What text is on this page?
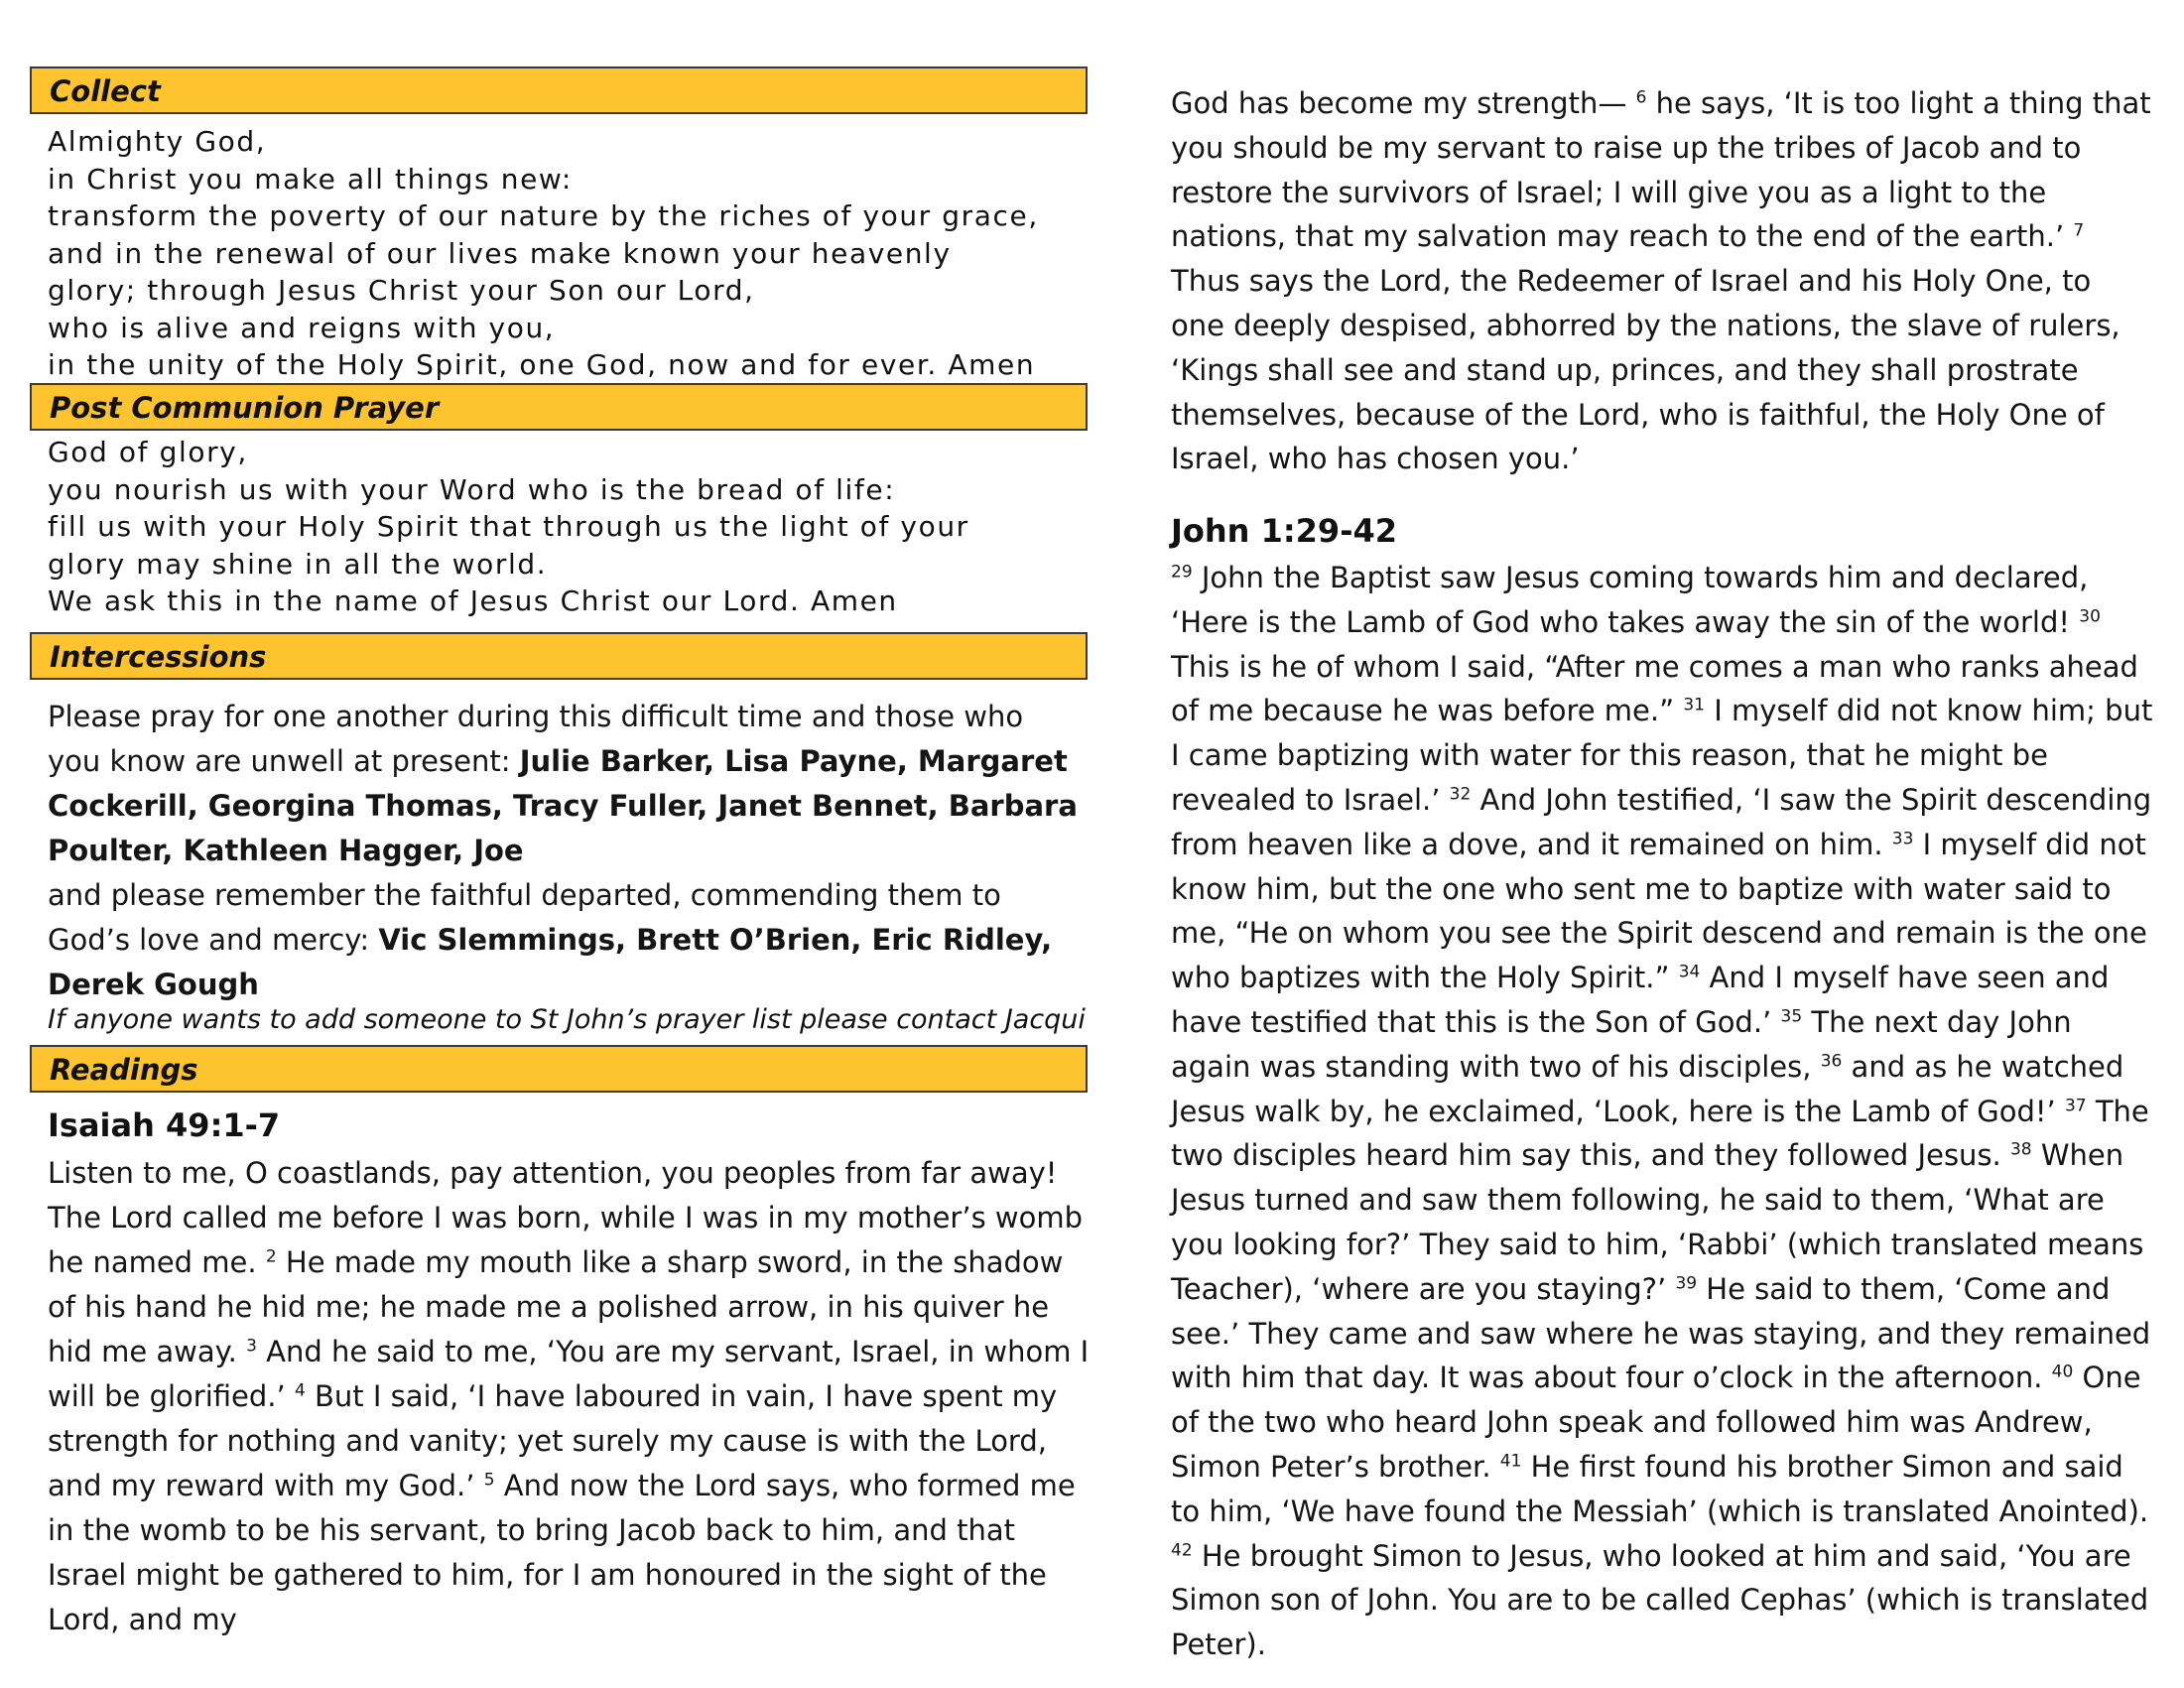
Collect
Almighty God,
in Christ you make all things new:
transform the poverty of our nature by the riches of your grace,
and in the renewal of our lives make known your heavenly
glory; through Jesus Christ your Son our Lord,
who is alive and reigns with you,
in the unity of the Holy Spirit, one God, now and for ever. Amen
Post Communion Prayer
God of glory,
you nourish us with your Word who is the bread of life:
fill us with your Holy Spirit that through us the light of your
glory may shine in all the world.
We ask this in the name of Jesus Christ our Lord. Amen
Intercessions
Please pray for one another during this difficult time and those who you know are unwell at present: Julie Barker, Lisa Payne, Margaret Cockerill, Georgina Thomas, Tracy Fuller, Janet Bennet, Barbara Poulter, Kathleen Hagger, Joe
and please remember the faithful departed, commending them to God’s love and mercy: Vic Slemmings, Brett O’Brien, Eric Ridley, Derek Gough
If anyone wants to add someone to St John’s prayer list please contact Jacqui
Readings
Isaiah 49:1-7
Listen to me, O coastlands, pay attention, you peoples from far away! The Lord called me before I was born, while I was in my mother’s womb he named me. $^2$ He made my mouth like a sharp sword, in the shadow of his hand he hid me; he made me a polished arrow, in his quiver he hid me away. $^3$ And he said to me, ‘You are my servant, Israel, in whom I will be glorified.’ $^4$ But I said, ‘I have laboured in vain, I have spent my strength for nothing and vanity; yet surely my cause is with the Lord, and my reward with my God.’ $^5$ And now the Lord says, who formed me in the womb to be his servant, to bring Jacob back to him, and that Israel might be gathered to him, for I am honoured in the sight of the Lord, and my
God has become my strength— $^6$ he says, ‘It is too light a thing that you should be my servant to raise up the tribes of Jacob and to restore the survivors of Israel; I will give you as a light to the nations, that my salvation may reach to the end of the earth.’ $^7$ Thus says the Lord, the Redeemer of Israel and his Holy One, to one deeply despised, abhorred by the nations, the slave of rulers, ‘Kings shall see and stand up, princes, and they shall prostrate themselves, because of the Lord, who is faithful, the Holy One of Israel, who has chosen you.’
John 1:29-42
$^{29}$ John the Baptist saw Jesus coming towards him and declared, ‘Here is the Lamb of God who takes away the sin of the world! $^{30}$ This is he of whom I said, “After me comes a man who ranks ahead of me because he was before me.” $^{31}$ I myself did not know him; but I came baptizing with water for this reason, that he might be revealed to Israel.’ $^{32}$ And John testified, ‘I saw the Spirit descending from heaven like a dove, and it remained on him. $^{33}$ I myself did not know him, but the one who sent me to baptize with water said to me, “He on whom you see the Spirit descend and remain is the one who baptizes with the Holy Spirit.” $^{34}$ And I myself have seen and have testified that this is the Son of God.’ $^{35}$ The next day John again was standing with two of his disciples, $^{36}$ and as he watched Jesus walk by, he exclaimed, ‘Look, here is the Lamb of God!’ $^{37}$ The two disciples heard him say this, and they followed Jesus. $^{38}$ When Jesus turned and saw them following, he said to them, ‘What are you looking for?’ They said to him, ‘Rabbi’ (which translated means Teacher), ‘where are you staying?’ $^{39}$ He said to them, ‘Come and see.’ They came and saw where he was staying, and they remained with him that day. It was about four o’clock in the afternoon. $^{40}$ One of the two who heard John speak and followed him was Andrew, Simon Peter’s brother. $^{41}$ He first found his brother Simon and said to him, ‘We have found the Messiah’ (which is translated Anointed). $^{42}$ He brought Simon to Jesus, who looked at him and said, ‘You are Simon son of John. You are to be called Cephas’ (which is translated Peter).
